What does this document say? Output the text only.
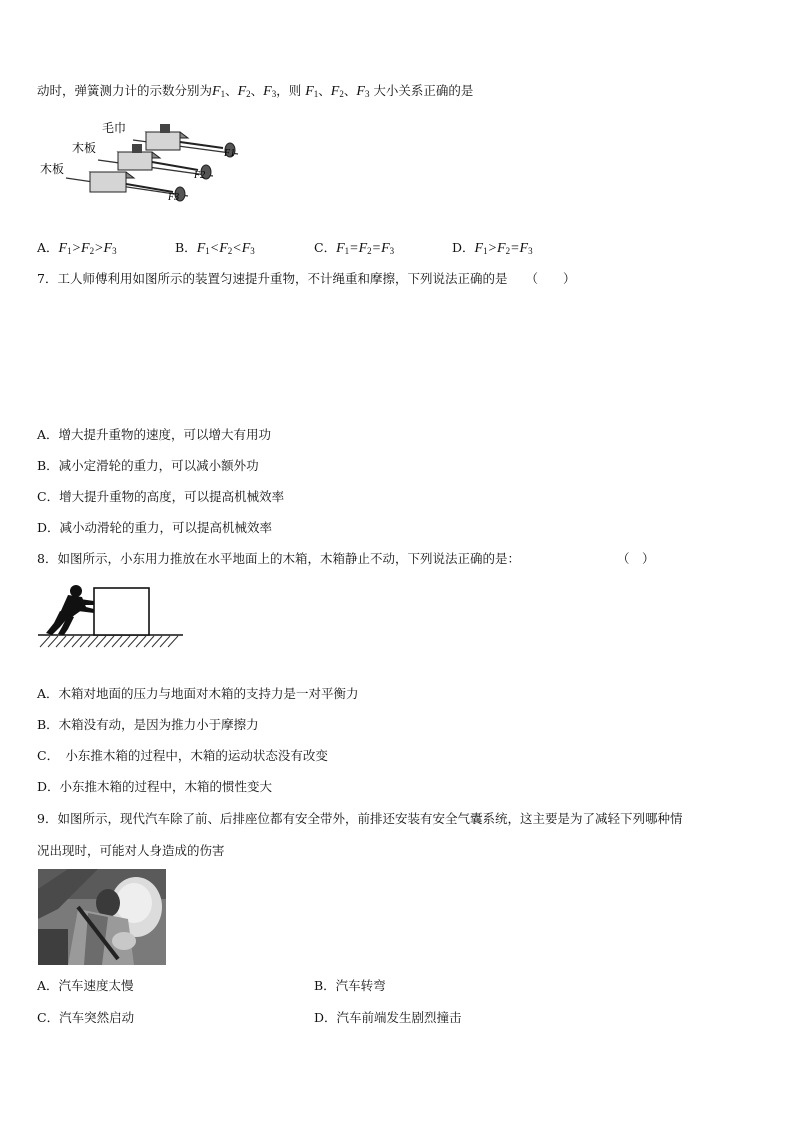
动时，弹簧测力计的示数分别为$F_1$、$F_2$、$F_3$，则 $F_1$、$F_2$、$F_3$ 大小关系正确的是
毛巾
木板
木板
F1
F2
F3
A．$F_1>F_2>F_3$	B．$F_1<F_2<F_3$	C．$F_1=F_2=F_3$	D．$F_1>F_2=F_3$
7．工人师傅利用如图所示的装置匀速提升重物，不计绳重和摩擦，下列说法正确的是 （　　）
A．增大提升重物的速度，可以增大有用功
B．减小定滑轮的重力，可以减小额外功
C．增大提升重物的高度，可以提高机械效率
D．减小动滑轮的重力，可以提高机械效率
8．如图所示，小东用力推放在水平地面上的木箱，木箱静止不动，下列说法正确的是：	（　）
A．木箱对地面的压力与地面对木箱的支持力是一对平衡力
B．木箱没有动，是因为推力小于摩擦力
C．　小东推木箱的过程中，木箱的运动状态没有改变
D．小东推木箱的过程中，木箱的惯性变大
9．如图所示，现代汽车除了前、后排座位都有安全带外，前排还安装有安全气囊系统，这主要是为了减轻下列哪种情
况出现时，可能对人身造成的伤害
A．汽车速度太慢	B．汽车转弯
C．汽车突然启动	D．汽车前端发生剧烈撞击
